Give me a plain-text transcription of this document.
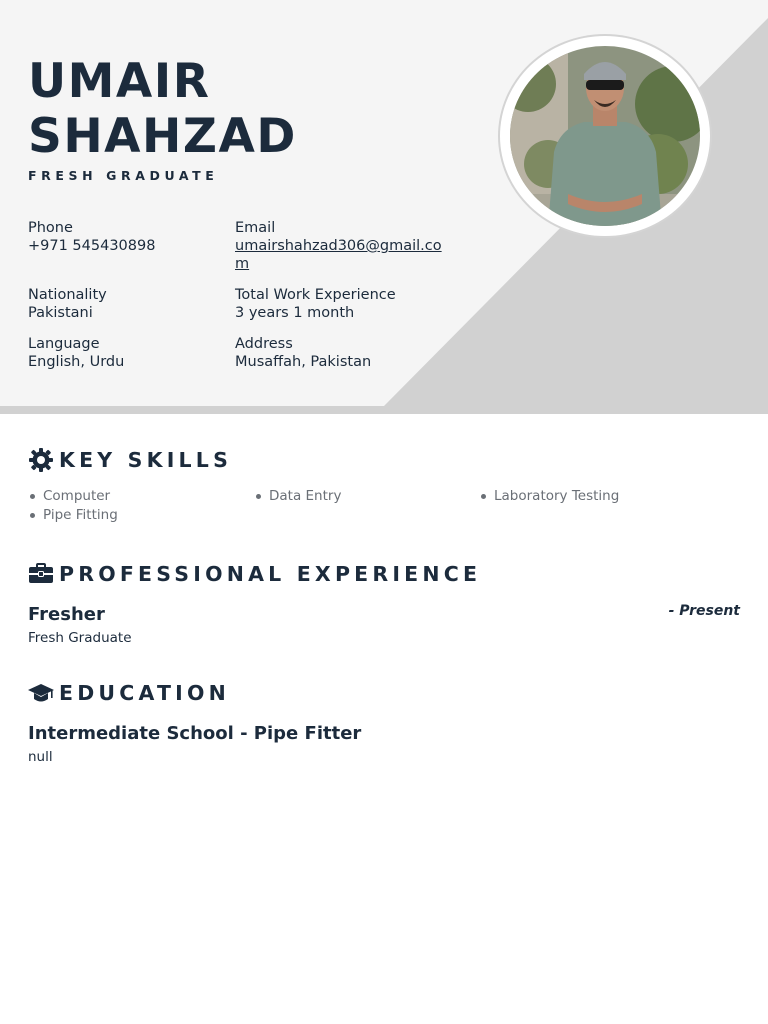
UMAIR
SHAHZAD
FRESH GRADUATE
Phone
+971 545430898
Email
umairshahzad306@gmail.com
Nationality
Pakistani
Total Work Experience
3 years 1 month
Language
English, Urdu
Address
Musaffah, Pakistan
KEY SKILLS
Computer	Data Entry	Laboratory Testing
Pipe Fitting
PROFESSIONAL EXPERIENCE
Fresher	- Present
Fresh Graduate
EDUCATION
Intermediate School - Pipe Fitter
null
